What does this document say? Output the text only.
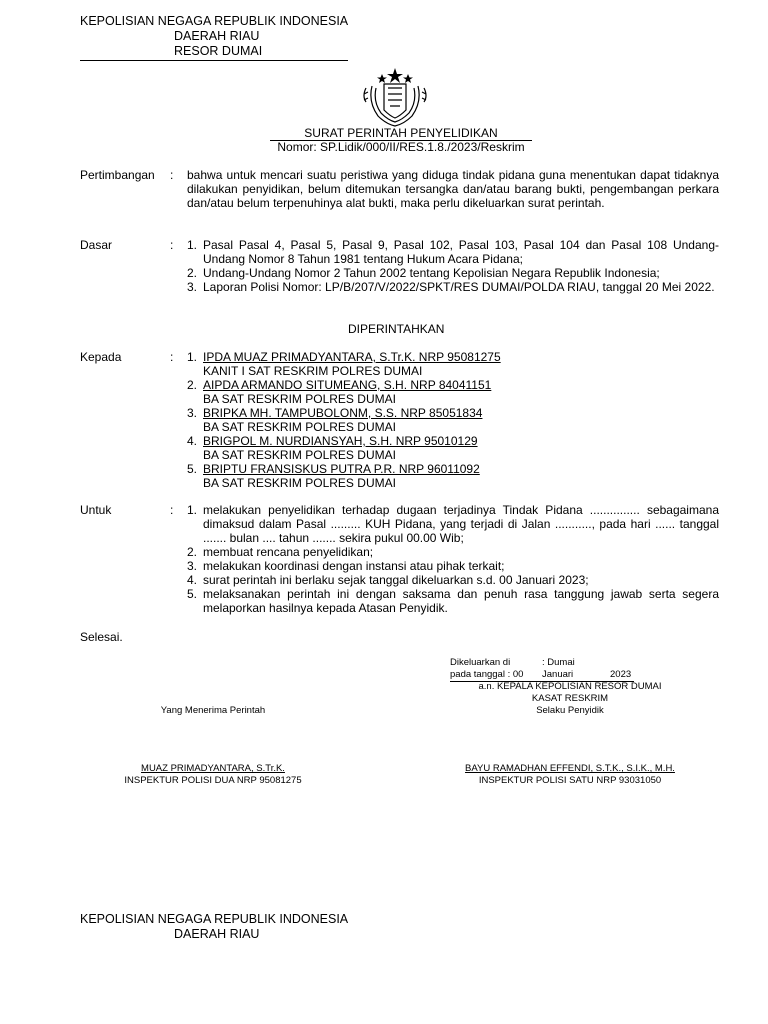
KEPOLISIAN NEGAGA REPUBLIK INDONESIA
DAERAH RIAU
RESOR DUMAI
SURAT PERINTAH PENYELIDIKAN
Nomor: SP.Lidik/000/II/RES.1.8./2023/Reskrim
Pertimbangan : bahwa untuk mencari suatu peristiwa yang diduga tindak pidana guna menentukan dapat tidaknya dilakukan penyidikan, belum ditemukan tersangka dan/atau barang bukti, pengembangan perkara dan/atau belum terpenuhinya alat bukti, maka perlu dikeluarkan surat perintah.
Dasar	: 1. Pasal Pasal 4, Pasal 5, Pasal 9, Pasal 102, Pasal 103, Pasal 104 dan Pasal 108 Undang-Undang Nomor 8 Tahun 1981 tentang Hukum Acara Pidana;
2. Undang-Undang Nomor 2 Tahun 2002 tentang Kepolisian Negara Republik Indonesia;
3. Laporan Polisi Nomor: LP/B/207/V/2022/SPKT/RES DUMAI/POLDA RIAU, tanggal 20 Mei 2022.
DIPERINTAHKAN
Kepada	: 1. IPDA MUAZ PRIMADYANTARA, S.Tr.K. NRP 95081275
KANIT I SAT RESKRIM POLRES DUMAI
2. AIPDA ARMANDO SITUMEANG, S.H. NRP 84041151
BA SAT RESKRIM POLRES DUMAI
3. BRIPKA MH. TAMPUBOLONM, S.S. NRP 85051834
BA SAT RESKRIM POLRES DUMAI
4. BRIGPOL M. NURDIANSYAH, S.H. NRP 95010129
BA SAT RESKRIM POLRES DUMAI
5. BRIPTU FRANSISKUS PUTRA P.R. NRP 96011092
BA SAT RESKRIM POLRES DUMAI
Untuk	: 1. melakukan penyelidikan terhadap dugaan terjadinya Tindak Pidana ............... sebagaimana dimaksud dalam Pasal ......... KUH Pidana, yang terjadi di Jalan ..........., pada hari ...... tanggal ....... bulan .... tahun ....... sekira pukul 00.00 Wib;
2. membuat rencana penyelidikan;
3. melakukan koordinasi dengan instansi atau pihak terkait;
4. surat perintah ini berlaku sejak tanggal dikeluarkan s.d. 00 Januari 2023;
5. melaksanakan perintah ini dengan saksama dan penuh rasa tanggung jawab serta segera melaporkan hasilnya kepada Atasan Penyidik.
Selesai.
Dikeluarkan di	: Dumai
pada tanggal : 00 Januari	2023
a.n. KEPALA KEPOLISIAN RESOR DUMAI
KASAT RESKRIM
Selaku Penyidik
Yang Menerima Perintah
MUAZ PRIMADYANTARA, S.Tr.K.
INSPEKTUR POLISI DUA NRP 95081275
BAYU RAMADHAN EFFENDI, S.T.K., S.I.K., M.H.
INSPEKTUR POLISI SATU NRP 93031050
KEPOLISIAN NEGAGA REPUBLIK INDONESIA
DAERAH RIAU
